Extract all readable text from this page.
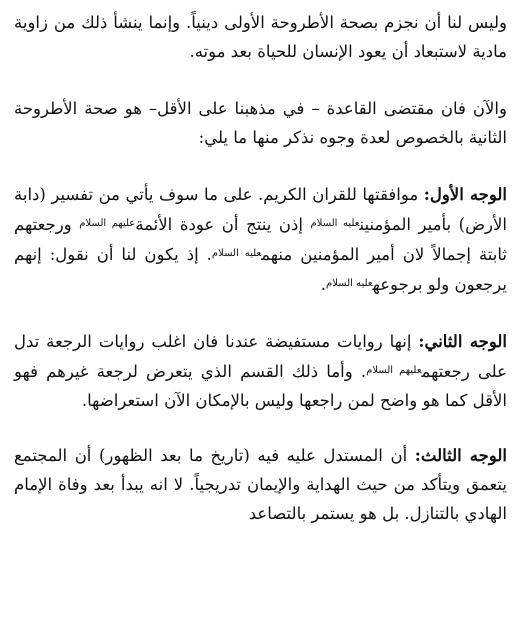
وليس لنا أن نجزم بصحة الأطروحة الأولى دينياً. وإنما ينشأ ذلك من زاوية مادية لاستبعاد أن يعود الإنسان للحياة بعد موته.

والآن فان مقتضى القاعدة – في مذهبنا على الأقل– هو صحة الأطروحة الثانية بالخصوص لعدة وجوه نذكر منها ما يلي:

الوجه الأول: موافقتها للقران الكريم. على ما سوف يأتي من تفسير (دابة الأرض) بأمير المؤمنين$^{عليه السلام}$ إذن ينتج أن عودة الأئمة$^{عليهم السلام}$ ورجعتهم ثابتة إجمالاً لان أمير المؤمنين منهم$^{عليه السلام}$. إذ يكون لنا أن نقول: إنهم يرجعون ولو برجوعه$^{عليه السلام}$.

الوجه الثاني: إنها روايات مستفيضة عندنا فان اغلب روايات الرجعة تدل على رجعتهم$^{عليهم السلام}$. وأما ذلك القسم الذي يتعرض لرجعة غيرهم فهو الأقل كما هو واضح لمن راجعها وليس بالإمكان الآن استعراضها.

الوجه الثالث: أن المستدل عليه فيه (تاريخ ما بعد الظهور) أن المجتمع يتعمق ويتأكد من حيث الهداية والإيمان تدريجياً. لا انه يبدأ بعد وفاة الإمام الهادي بالتنازل. بل هو يستمر بالتصاعد
